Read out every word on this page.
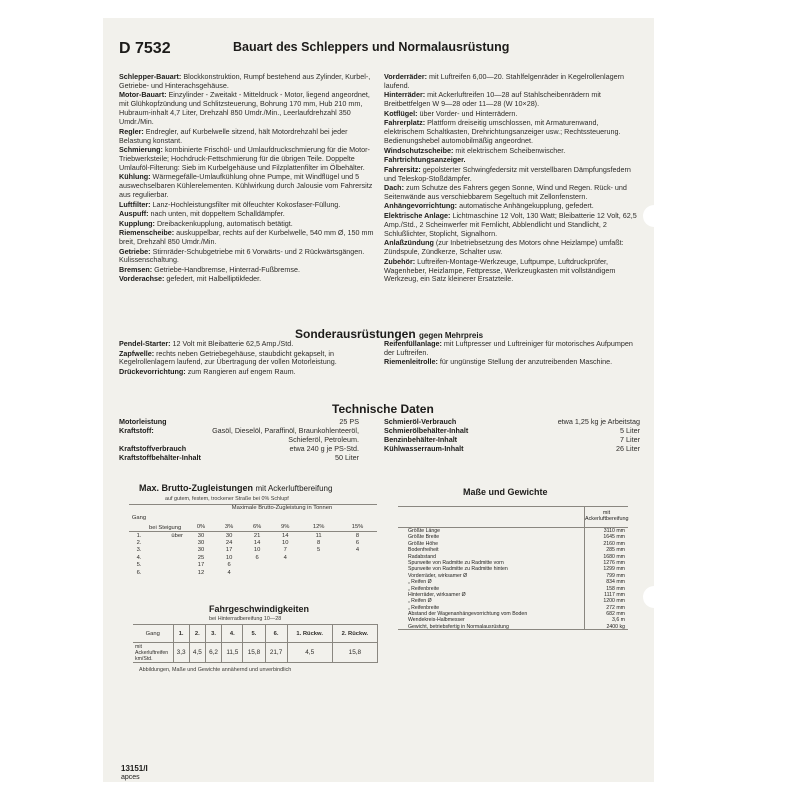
D 7532	Bauart des Schleppers und Normalausrüstung
Schlepper-Bauart: Blockkonstruktion, Rumpf bestehend aus Zylinder, Kurbel-, Getriebe- und Hinterachsgehäuse.
Motor-Bauart: Einzylinder - Zweitakt - Mitteldruck - Motor, liegend angeordnet, mit Glühkopfzündung und Schlitzsteuerung, Bohrung 170 mm, Hub 210 mm, Hubraum-inhalt 4,7 Liter, Drehzahl 850 Umdr./Min., Leerlaufdrehzahl 350 Umdr./Min.
Regler: Endregler, auf Kurbelwelle sitzend, hält Motordrehzahl bei jeder Belastung konstant.
Schmierung: kombinierte Frischöl- und Umlaufdruckschmierung für die Motor-Triebwerksteile; Hochdruck-Fettschmierung für die übrigen Teile. Doppelte Umlauföl-Filterung: Sieb im Kurbelgehäuse und Filzplattenfilter im Ölbehälter.
Kühlung: Wärmegefälle-Umlaufkühlung ohne Pumpe, mit Windflügel und 5 auswechselbaren Kühlerelementen. Kühlwirkung durch Jalousie vom Fahrersitz aus regulierbar.
Luftfilter: Lanz-Hochleistungsfilter mit ölfeuchter Kokosfaser-Füllung.
Auspuff: nach unten, mit doppeltem Schalldämpfer.
Kupplung: Dreibackenkupplung, automatisch betätigt.
Riemenscheibe: auskuppelbar, rechts auf der Kurbelwelle, 540 mm Ø, 150 mm breit, Drehzahl 850 Umdr./Min.
Getriebe: Stirnräder-Schubgetriebe mit 6 Vorwärts- und 2 Rückwärtsgängen. Kulissenschaltung.
Bremsen: Getriebe-Handbremse, Hinterrad-Fußbremse.
Vorderachse: gefedert, mit Halbelliptikfeder.
Vorderräder: mit Luftreifen 6,00—20. Stahlfelgenräder in Kegelrollenlagern laufend.
Hinterräder: mit Ackerluftreifen 10—28 auf Stahlscheibenrädern mit Breitbettfelgen W 9—28 oder 11—28 (W 10×28).
Kotflügel: über Vorder- und Hinterrädern.
Fahrerplatz: Plattform dreiseitig umschlossen, mit Armaturenwand, elektrischem Schaltkasten, Drehrichtungsanzeiger usw.; Rechtssteuerung. Bedienungshebel automobilmäßig angeordnet.
Windschutzscheibe: mit elektrischem Scheibenwischer.
Fahrtrichtungsanzeiger.
Fahrersitz: gepolsterter Schwingfedersitz mit verstellbaren Dämpfungsfedern und Teleskop-Stoßdämpfer.
Dach: zum Schutze des Fahrers gegen Sonne, Wind und Regen. Rück- und Seitenwände aus verschiebbarem Segeltuch mit Zellonfenstern.
Anhängevorrichtung: automatische Anhängekupplung, gefedert.
Elektrische Anlage: Lichtmaschine 12 Volt, 130 Watt; Bleibatterie 12 Volt, 62,5 Amp./Std., 2 Scheinwerfer mit Fernlicht, Abblendlicht und Standlicht, 2 Schlußlichter, Stoplicht, Signalhorn.
Anlaßzündung (zur Inbetriebsetzung des Motors ohne Heizlampe) umfaßt: Zündspule, Zündkerze, Schalter usw.
Zubehör: Luftreifen-Montage-Werkzeuge, Luftpumpe, Luftdruckprüfer, Wagenheber, Heizlampe, Fettpresse, Werkzeugkasten mit vollständigem Werkzeug, ein Satz kleinerer Ersatzteile.
Sonderausrüstungen gegen Mehrpreis
Pendel-Starter: 12 Volt mit Bleibatterie 62,5 Amp./Std.
Zapfwelle: rechts neben Getriebegehäuse, staubdicht gekapselt, in Kegelrollenlagern laufend, zur Übertragung der vollen Motorleistung.
Drückevorrichtung: zum Rangieren auf engem Raum.
Reifenfüllanlage: mit Luftpresser und Luftreiniger für motorisches Aufpumpen der Luftreifen.
Riemenleitrolle: für ungünstige Stellung der anzutreibenden Maschine.
Technische Daten
Motorleistung	25 PS
Kraftstoff:	Gasöl, Dieselöl, Paraffinöl, Braunkohlenteeröl, Schieferöl, Petroleum.
Kraftstoffverbrauch	etwa 240 g je PS-Std.
Kraftstoffbehälter-Inhalt	50 Liter
Schmieröl-Verbrauch	etwa 1,25 kg je Arbeitstag
Schmierölbehälter-Inhalt	5 Liter
Benzinbehälter-Inhalt	7 Liter
Kühlwasserraum-Inhalt	26 Liter
Max. Brutto-Zugleistungen mit Ackerluftbereifung
auf gutem, festem, trockener Straße bei 0% Schlupf
Gang	bei Steigung	Maximale Brutto-Zugleistung in Tonnen					
		0%	3%	6%	9%	12%	15%
1.	über	30	30	21	14	11	8
2.		30	24	14	10	8	6
3.		30	17	10	7	5	4
4.		25	10	6	4		
5.		17	6				
6.		12	4				
Fahrgeschwindigkeiten
bei Hinterradbereifung 10—28
Gang	1.	2.	3.	4.	5.	6.	1. Rückw.	2. Rückw.
mit Ackerluftreifen km/Std.	3,3	4,5	6,2	11,5	15,8	21,7	4,5	15,8
Abbildungen, Maße und Gewichte annähernd und unverbindlich
Maße und Gewichte
mit Ackerluftbereifung
Größte Länge	3110 mm
Größte Breite	1645 mm
Größte Höhe	2160 mm
Bodenfreiheit	285 mm
Radabstand	1680 mm
Spurweite von Radmitte zu Radmitte vorn	1276 mm
Spurweite von Radmitte zu Radmitte hinten	1299 mm
Vorderräder, wirksamer Ø	799 mm
„ Reifen Ø	834 mm
„ Reifenbreite	158 mm
Hinterräder, wirksamer Ø	1117 mm
„ Reifen Ø	1200 mm
„ Reifenbreite	272 mm
Abstand der Wagenanhängevorrichtung vom Boden	682 mm
Wendekreis-Halbmesser	3,6 m
Gewicht, betriebsfertig in Normalausrüstung	2400 kg
13151/I
apces
